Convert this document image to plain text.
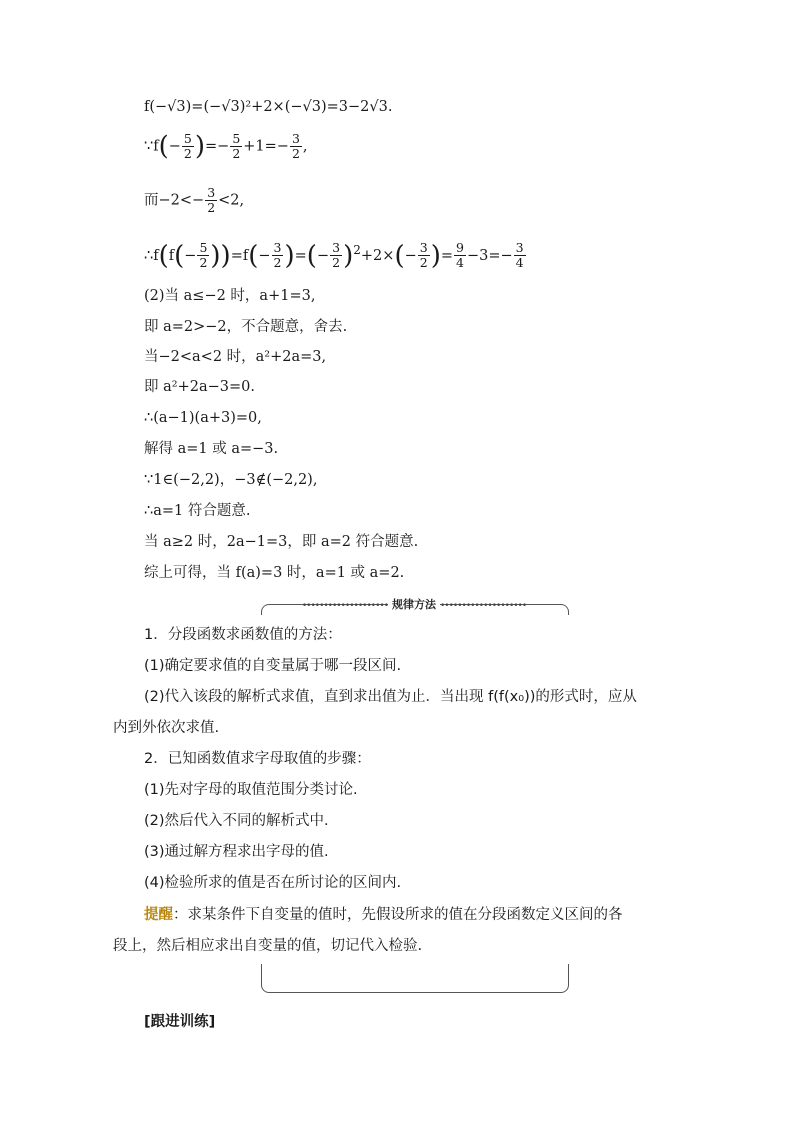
f(−√3)=(−√3)²+2×(−√3)=3−2√3.
∵f(− $\frac{5}{2}$ )=− $\frac{5}{2} +1=- \frac{3}{2}$ ,
而$-2<- \frac{3}{2} <2$,
∴f(f(− $\frac{5}{2} ))=f(- \frac{3}{2}$ )=(− $\frac{3}{2} )^2+2\times(- \frac{3}{2}$ )= $\frac{9}{4} -3=- \frac{3}{4}$
(2)当 a≤−2 时，a+1=3,
即 a=2>−2，不合题意，舍去.
当−2<a<2 时，a²+2a=3,
即 a²+2a−3=0.
∴(a−1)(a+3)=0,
解得 a=1 或 a=−3.
∵1∈(−2,2)，−3∉(−2,2),
∴a=1 符合题意.
当 a≥2 时，2a−1=3，即 a=2 符合题意.
综上可得，当 f(a)=3 时，a=1 或 a=2.
•••••••••••••••••••• 规律方法 ••••••••••••••••••••
1．分段函数求函数值的方法：
(1)确定要求值的自变量属于哪一段区间.
(2)代入该段的解析式求值，直到求出值为止．当出现 f(f(x₀))的形式时，应从
内到外依次求值.
2．已知函数值求字母取值的步骤：
(1)先对字母的取值范围分类讨论.
(2)然后代入不同的解析式中.
(3)通过解方程求出字母的值.
(4)检验所求的值是否在所讨论的区间内.
提醒：求某条件下自变量的值时，先假设所求的值在分段函数定义区间的各
段上，然后相应求出自变量的值，切记代入检验.
[跟进训练]
